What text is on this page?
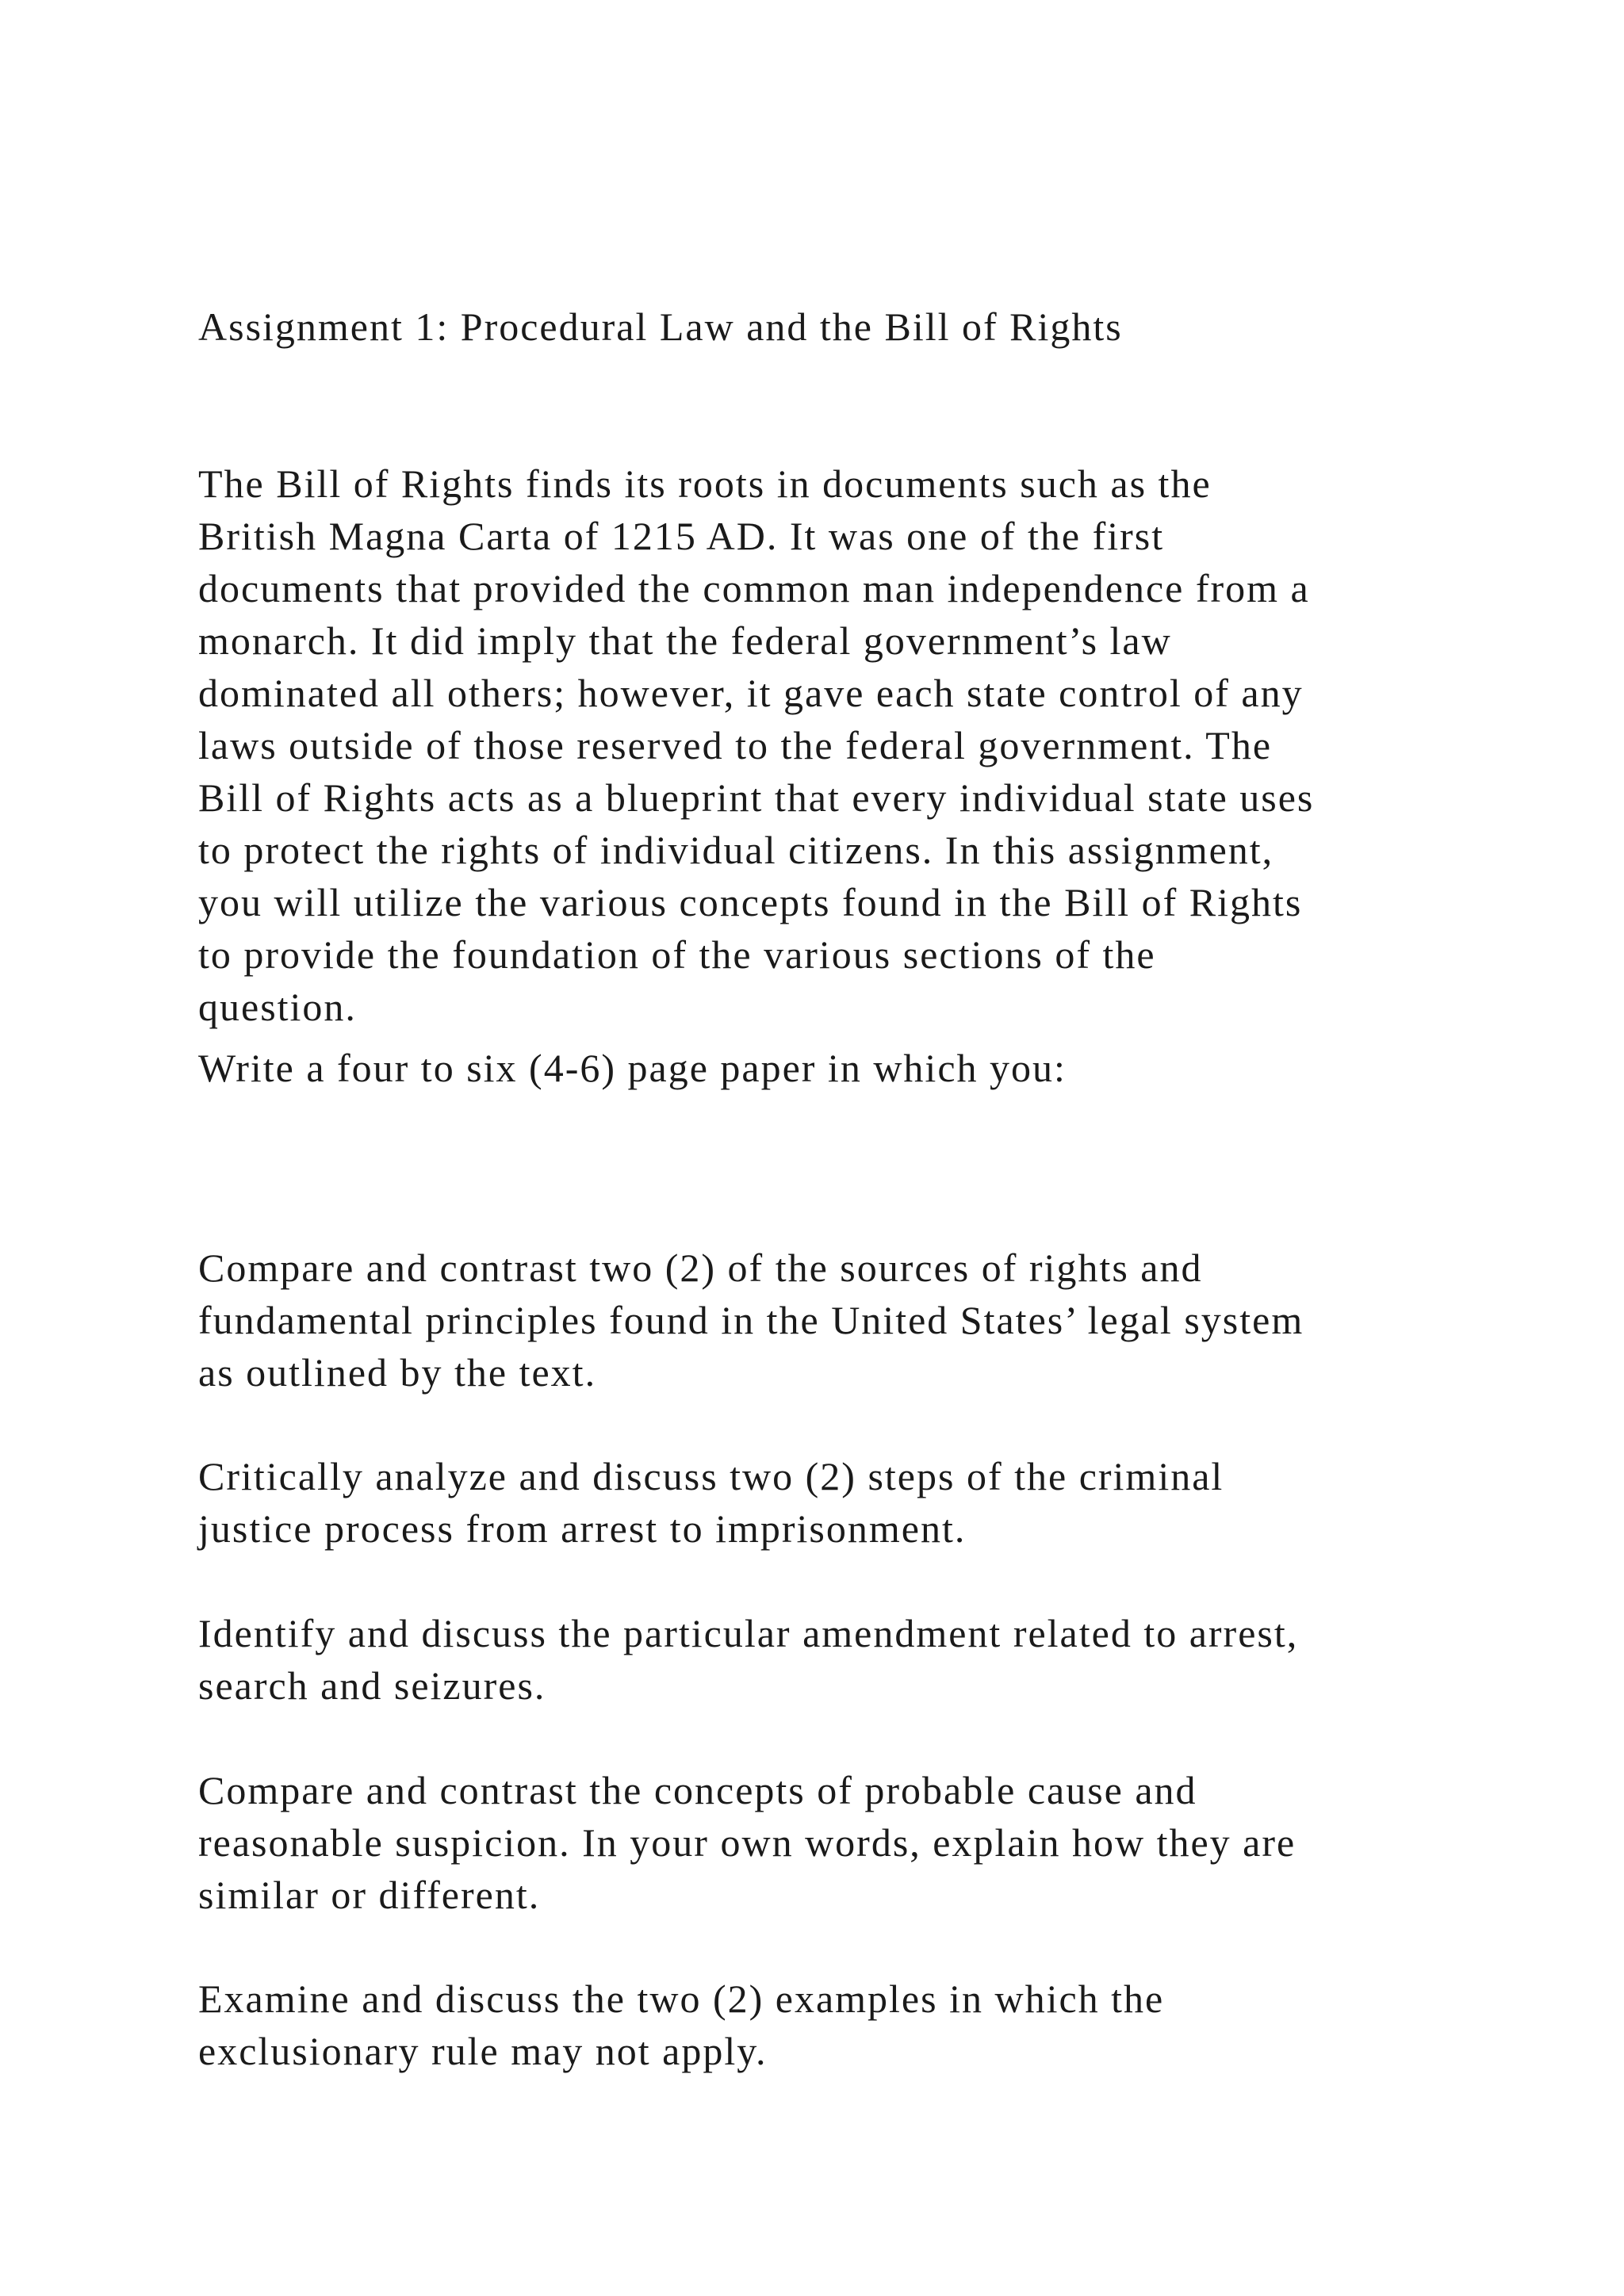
Assignment 1: Procedural Law and the Bill of Rights
The Bill of Rights finds its roots in documents such as the
British Magna Carta of 1215 AD. It was one of the first
documents that provided the common man independence from a
monarch. It did imply that the federal government’s law
dominated all others; however, it gave each state control of any
laws outside of those reserved to the federal government. The
Bill of Rights acts as a blueprint that every individual state uses
to protect the rights of individual citizens. In this assignment,
you will utilize the various concepts found in the Bill of Rights
to provide the foundation of the various sections of the
question.
Write a four to six (4-6) page paper in which you:
Compare and contrast two (2) of the sources of rights and
fundamental principles found in the United States’ legal system
as outlined by the text.
Critically analyze and discuss two (2) steps of the criminal
justice process from arrest to imprisonment.
Identify and discuss the particular amendment related to arrest,
search and seizures.
Compare and contrast the concepts of probable cause and
reasonable suspicion. In your own words, explain how they are
similar or different.
Examine and discuss the two (2) examples in which the
exclusionary rule may not apply.
